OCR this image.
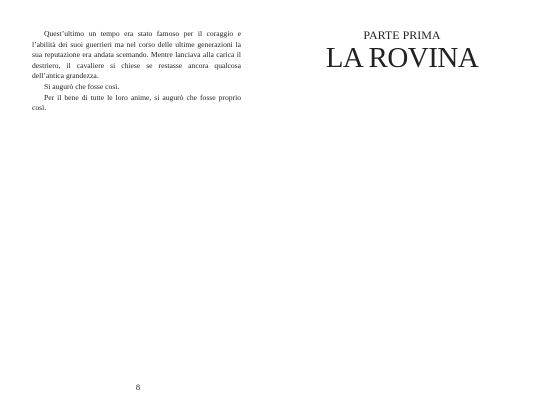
Quest’ultimo un tempo era stato famoso per il coraggio e l’abilità dei suoi guerrieri ma nel corso delle ultime generazioni la sua reputazione era andata scemando. Mentre lanciava alla carica il destriero, il cavaliere si chiese se restasse ancora qualcosa dell’antica grandezza.

Si augurò che fosse così.

Per il bene di tutte le loro anime, si augurò che fosse proprio così.

8
PARTE PRIMA
LA ROVINA
